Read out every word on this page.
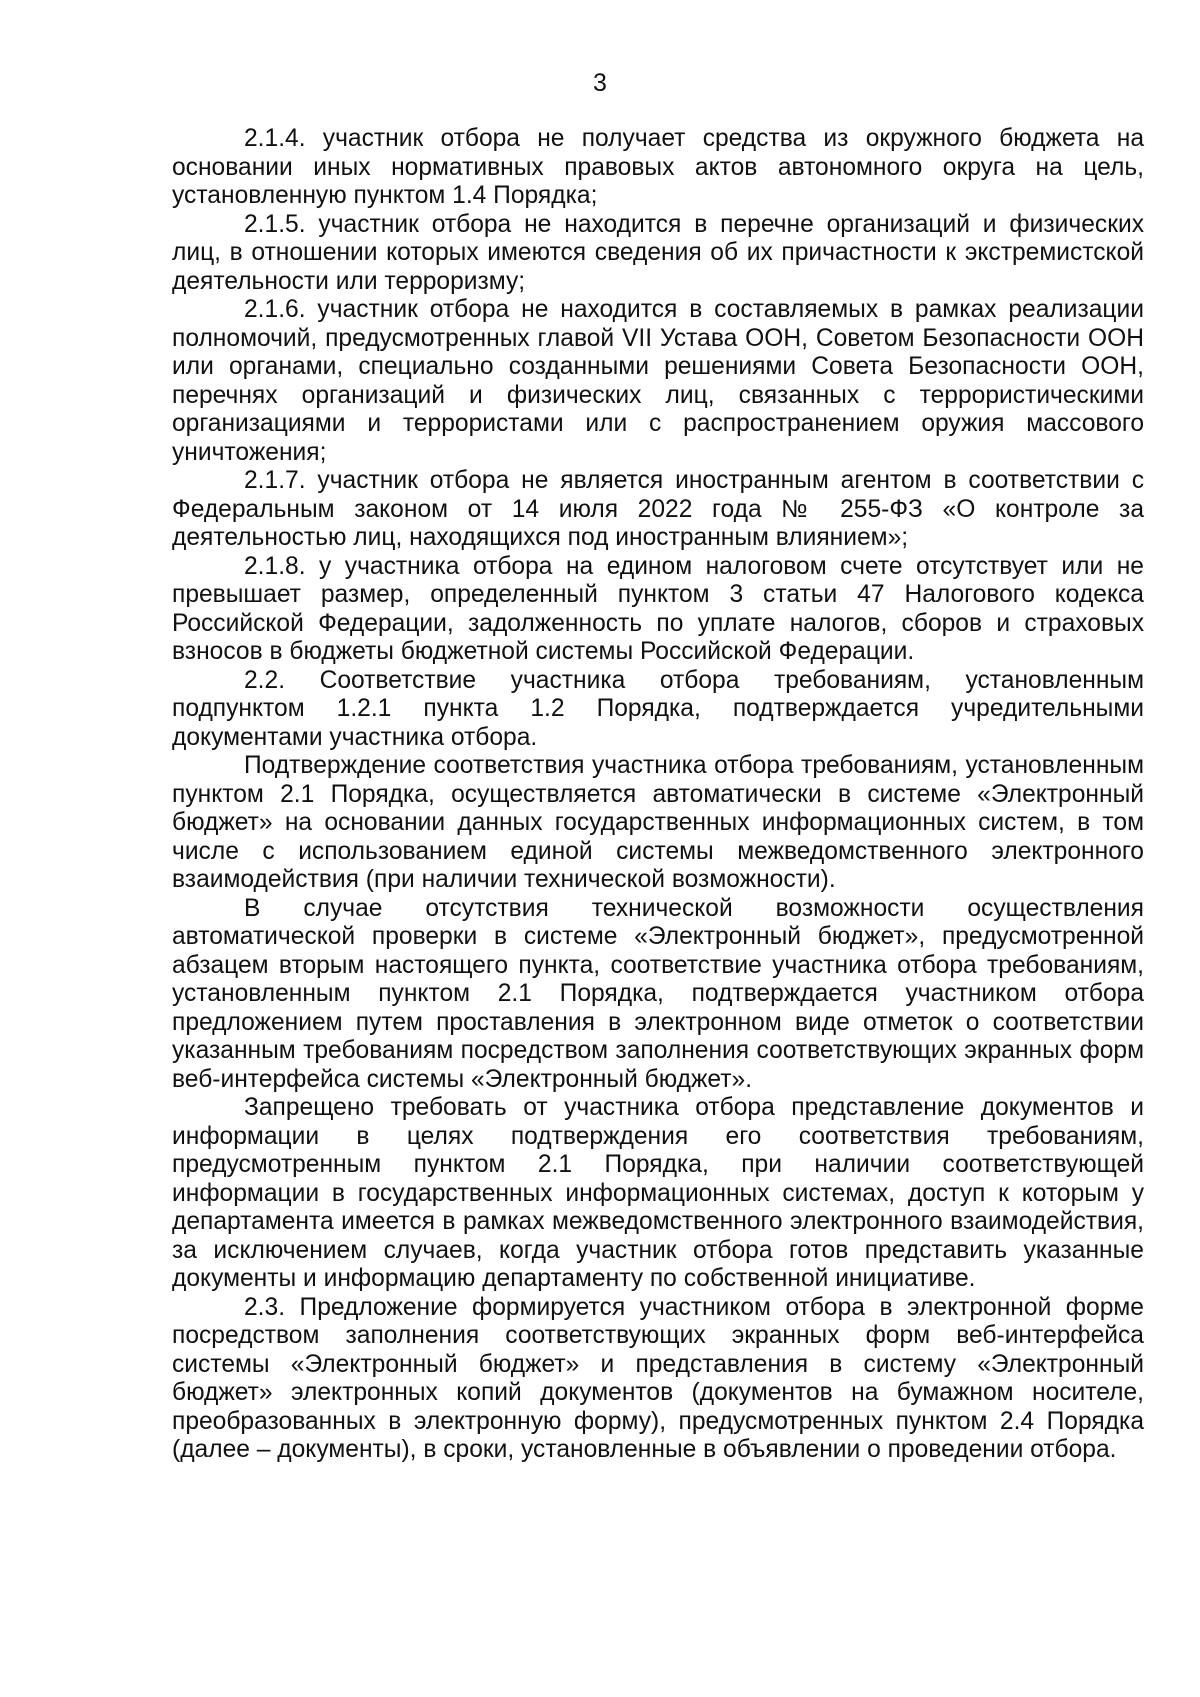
3

2.1.4. участник отбора не получает средства из окружного бюджета на основании иных нормативных правовых актов автономного округа на цель, установленную пунктом 1.4 Порядка;

2.1.5. участник отбора не находится в перечне организаций и физических лиц, в отношении которых имеются сведения об их причастности к экстремистской деятельности или терроризму;

2.1.6. участник отбора не находится в составляемых в рамках реализации полномочий, предусмотренных главой VII Устава ООН, Советом Безопасности ООН или органами, специально созданными решениями Совета Безопасности ООН, перечнях организаций и физических лиц, связанных с террористическими организациями и террористами или с распространением оружия массового уничтожения;

2.1.7. участник отбора не является иностранным агентом в соответствии с Федеральным законом от 14 июля 2022 года № 255-ФЗ «О контроле за деятельностью лиц, находящихся под иностранным влиянием»;

2.1.8. у участника отбора на едином налоговом счете отсутствует или не превышает размер, определенный пунктом 3 статьи 47 Налогового кодекса Российской Федерации, задолженность по уплате налогов, сборов и страховых взносов в бюджеты бюджетной системы Российской Федерации.

2.2. Соответствие участника отбора требованиям, установленным подпунктом 1.2.1 пункта 1.2 Порядка, подтверждается учредительными документами участника отбора.

Подтверждение соответствия участника отбора требованиям, установленным пунктом 2.1 Порядка, осуществляется автоматически в системе «Электронный бюджет» на основании данных государственных информационных систем, в том числе с использованием единой системы межведомственного электронного взаимодействия (при наличии технической возможности).

В случае отсутствия технической возможности осуществления автоматической проверки в системе «Электронный бюджет», предусмотренной абзацем вторым настоящего пункта, соответствие участника отбора требованиям, установленным пунктом 2.1 Порядка, подтверждается участником отбора предложением путем проставления в электронном виде отметок о соответствии указанным требованиям посредством заполнения соответствующих экранных форм веб-интерфейса системы «Электронный бюджет».

Запрещено требовать от участника отбора представление документов и информации в целях подтверждения его соответствия требованиям, предусмотренным пунктом 2.1 Порядка, при наличии соответствующей информации в государственных информационных системах, доступ к которым у департамента имеется в рамках межведомственного электронного взаимодействия, за исключением случаев, когда участник отбора готов представить указанные документы и информацию департаменту по собственной инициативе.

2.3. Предложение формируется участником отбора в электронной форме посредством заполнения соответствующих экранных форм веб-интерфейса системы «Электронный бюджет» и представления в систему «Электронный бюджет» электронных копий документов (документов на бумажном носителе, преобразованных в электронную форму), предусмотренных пунктом 2.4 Порядка (далее – документы), в сроки, установленные в объявлении о проведении отбора.
